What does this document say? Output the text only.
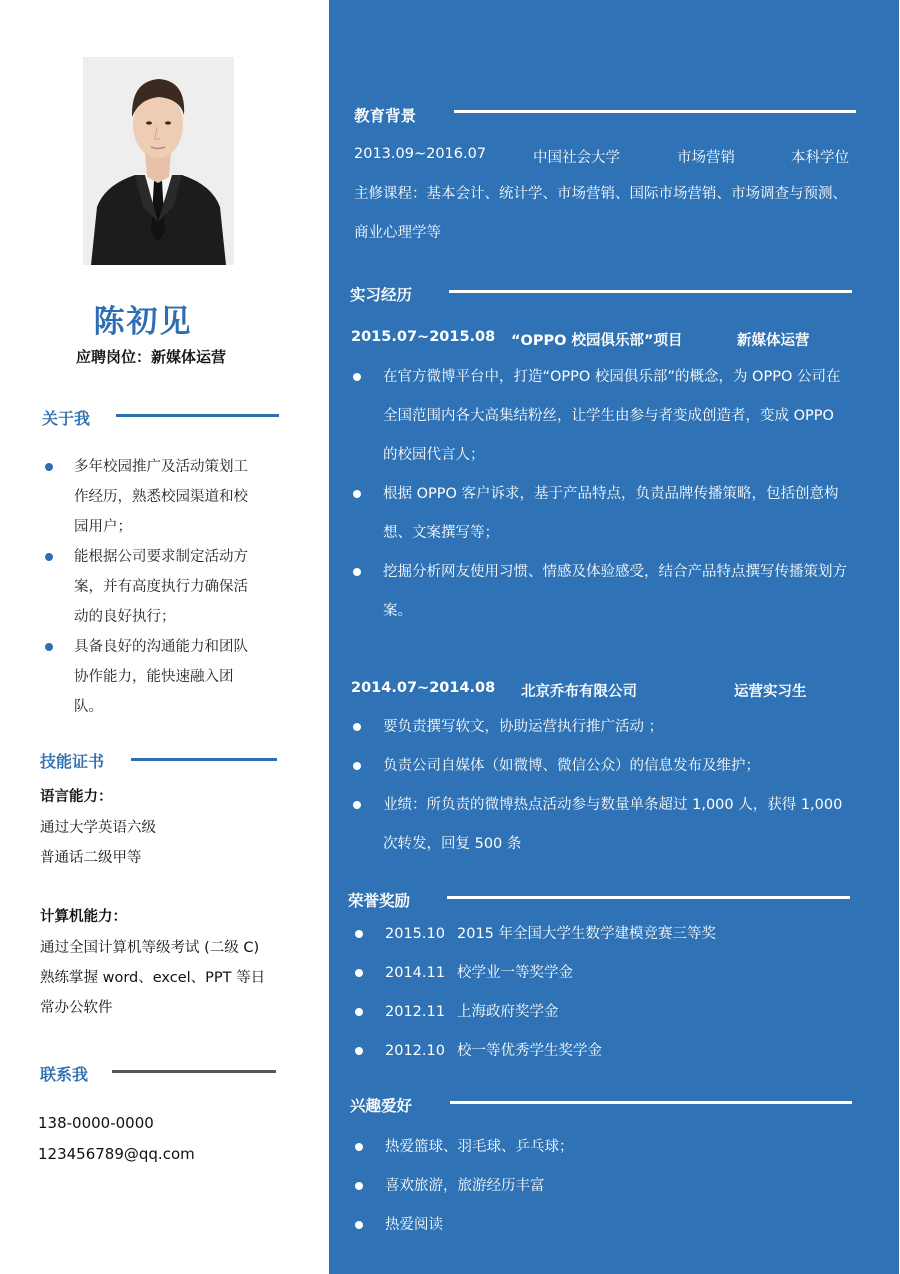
陈初见
应聘岗位：新媒体运营
关于我
多年校园推广及活动策划工作经历，熟悉校园渠道和校园用户；
能根据公司要求制定活动方案，并有高度执行力确保活动的良好执行；
具备良好的沟通能力和团队协作能力，能快速融入团队。
技能证书
语言能力：
通过大学英语六级
普通话二级甲等
计算机能力：
通过全国计算机等级考试 (二级 C)
熟练掌握 word、excel、PPT 等日
常办公软件
联系我
138-0000-0000
123456789@qq.com
教育背景
2013.09~2016.07	中国社会大学	市场营销	本科学位
主修课程：基本会计、统计学、市场营销、国际市场营销、市场调查与预测、
商业心理学等
实习经历
2015.07~2015.08 “OPPO 校园俱乐部”项目	新媒体运营
在官方微博平台中，打造“OPPO 校园俱乐部”的概念，为 OPPO 公司在全国范围内各大高集结粉丝，让学生由参与者变成创造者，变成 OPPO 的校园代言人；
根据 OPPO 客户诉求，基于产品特点，负责品牌传播策略，包括创意构想、文案撰写等；
挖掘分析网友使用习惯、情感及体验感受，结合产品特点撰写传播策划方案。
2014.07~2014.08 北京乔布有限公司	运营实习生
要负责撰写软文，协助运营执行推广活动 ；
负责公司自媒体（如微博、微信公众）的信息发布及维护；
业绩：所负责的微博热点活动参与数量单条超过 1,000 人，获得 1,000 次转发，回复 500 条
荣誉奖励
2015.10 2015 年全国大学生数学建模竞赛三等奖
2014.11 校学业一等奖学金
2012.11 上海政府奖学金
2012.10 校一等优秀学生奖学金
兴趣爱好
热爱篮球、羽毛球、乒乓球；
喜欢旅游，旅游经历丰富
热爱阅读
